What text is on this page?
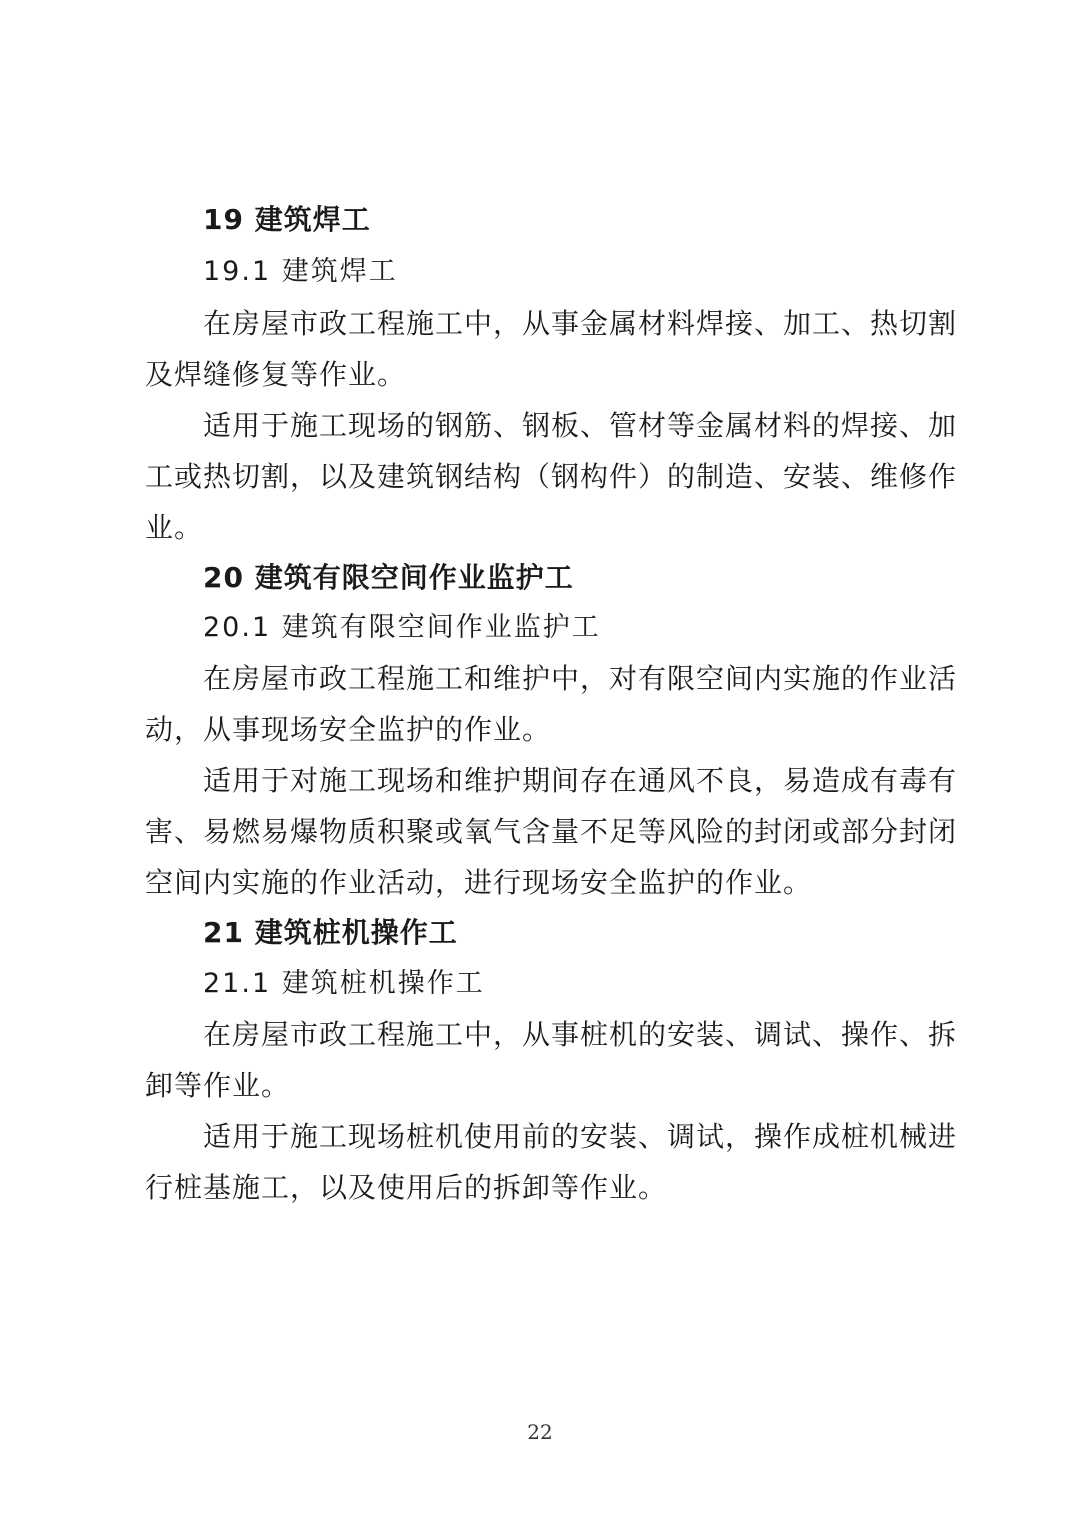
19 建筑焊工
19.1 建筑焊工
在房屋市政工程施工中，从事金属材料焊接、加工、热切割
及焊缝修复等作业。
适用于施工现场的钢筋、钢板、管材等金属材料的焊接、加
工或热切割，以及建筑钢结构（钢构件）的制造、安装、维修作
业。
20 建筑有限空间作业监护工
20.1 建筑有限空间作业监护工
在房屋市政工程施工和维护中，对有限空间内实施的作业活
动，从事现场安全监护的作业。
适用于对施工现场和维护期间存在通风不良，易造成有毒有
害、易燃易爆物质积聚或氧气含量不足等风险的封闭或部分封闭
空间内实施的作业活动，进行现场安全监护的作业。
21 建筑桩机操作工
21.1 建筑桩机操作工
在房屋市政工程施工中，从事桩机的安装、调试、操作、拆
卸等作业。
适用于施工现场桩机使用前的安装、调试，操作成桩机械进
行桩基施工，以及使用后的拆卸等作业。
22
